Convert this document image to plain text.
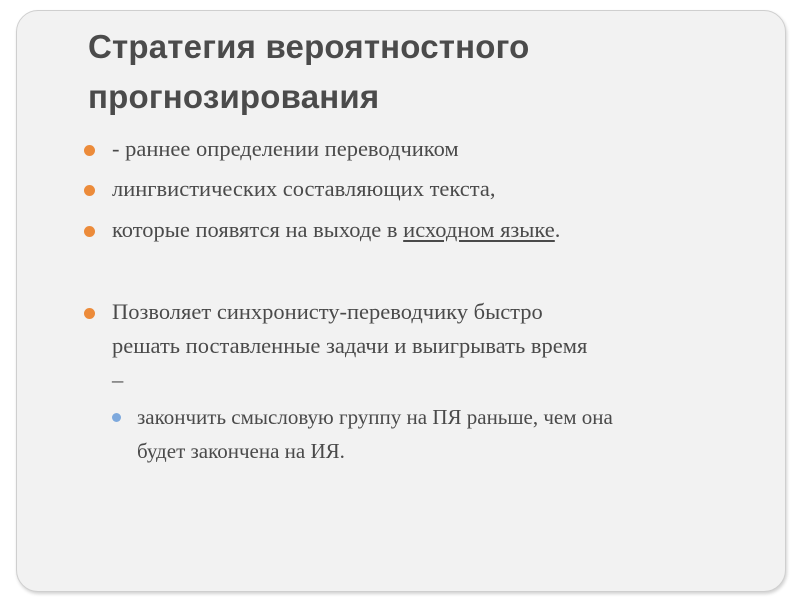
Стратегия вероятностного
прогнозирования
- раннее определении переводчиком
лингвистических составляющих текста,
которые появятся на выходе в исходном языке.
Позволяет синхронисту-переводчику быстро
решать поставленные задачи и выигрывать время
–
закончить смысловую группу на ПЯ раньше, чем она
будет закончена на ИЯ.
